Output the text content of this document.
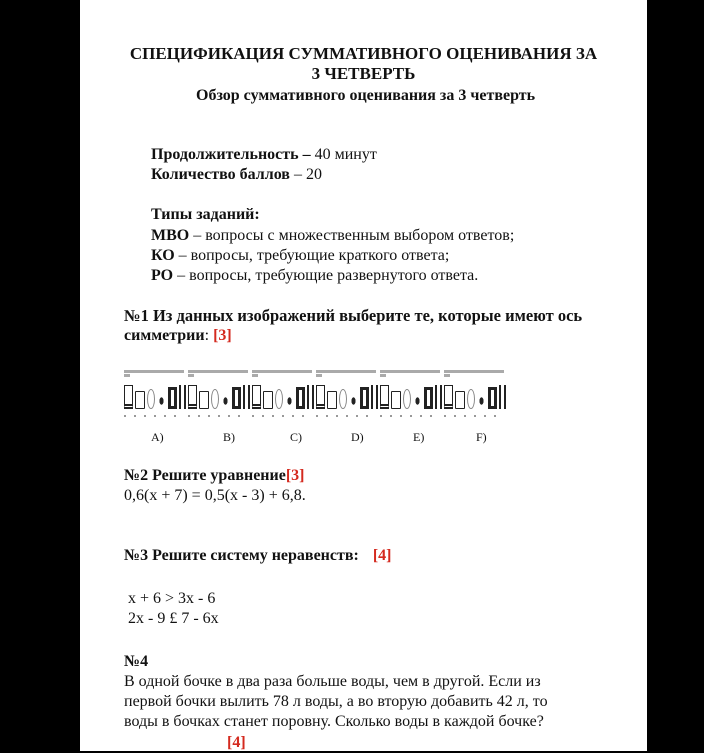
СПЕЦИФИКАЦИЯ СУММАТИВНОГО ОЦЕНИВАНИЯ ЗА
3 ЧЕТВЕРТЬ
Обзор суммативного оценивания за 3 четверть
Продолжительность – 40 минут
Количество баллов – 20
Типы заданий:
МВО – вопросы с множественным выбором ответов;
КО – вопросы, требующие краткого ответа;
РО – вопросы, требующие развернутого ответа.
№1 Из данных изображений выберите те, которые имеют ось
симметрии: [3]
A)	B)	C)	D)	E)	F)
№2 Решите уравнение[3]
0,6(x + 7) = 0,5(x - 3) + 6,8.
№3 Решите систему неравенств: [4]
x + 6 > 3x - 6
2x - 9 £ 7 - 6x
№4
В одной бочке в два раза больше воды, чем в другой. Если из
первой бочки вылить 78 л воды, а во вторую добавить 42 л, то
воды в бочках станет поровну. Сколько воды в каждой бочке?
[4]
